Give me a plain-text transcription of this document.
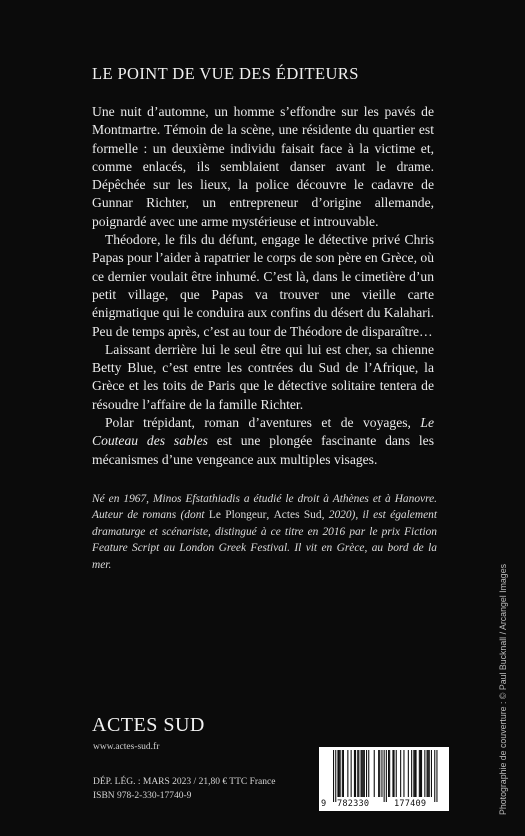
LE POINT DE VUE DES ÉDITEURS

Une nuit d’automne, un homme s’effondre sur les pavés de Montmartre. Témoin de la scène, une résidente du quartier est formelle : un deuxième individu faisait face à la victime et, comme enlacés, ils semblaient danser avant le drame. Dépêchée sur les lieux, la police découvre le cadavre de Gunnar Richter, un entrepreneur d’origine allemande, poignardé avec une arme mystérieuse et introuvable.

Théodore, le fils du défunt, engage le détective privé Chris Papas pour l’aider à rapatrier le corps de son père en Grèce, où ce dernier voulait être inhumé. C’est là, dans le cimetière d’un petit village, que Papas va trouver une vieille carte énigmatique qui le conduira aux confins du désert du Kalahari. Peu de temps après, c’est au tour de Théodore de disparaître…

Laissant derrière lui le seul être qui lui est cher, sa chienne Betty Blue, c’est entre les contrées du Sud de l’Afrique, la Grèce et les toits de Paris que le détective solitaire tentera de résoudre l’affaire de la famille Richter.

Polar trépidant, roman d’aventures et de voyages, Le Couteau des sables est une plongée fascinante dans les mécanismes d’une vengeance aux multiples visages.

Né en 1967, Minos Efstathiadis a étudié le droit à Athènes et à Hanovre. Auteur de romans (dont Le Plongeur, Actes Sud, 2020), il est également dramaturge et scénariste, distingué à ce titre en 2016 par le prix Fiction Feature Script au London Greek Festival. Il vit en Grèce, au bord de la mer.
ACTES SUD
www.actes-sud.fr
DÉP. LÉG. : MARS 2023 / 21,80 € TTC France
ISBN 978-2-330-17740-9
9 782330	177409	Photographie de couverture : © Paul Bucknall / Arcangel Images
